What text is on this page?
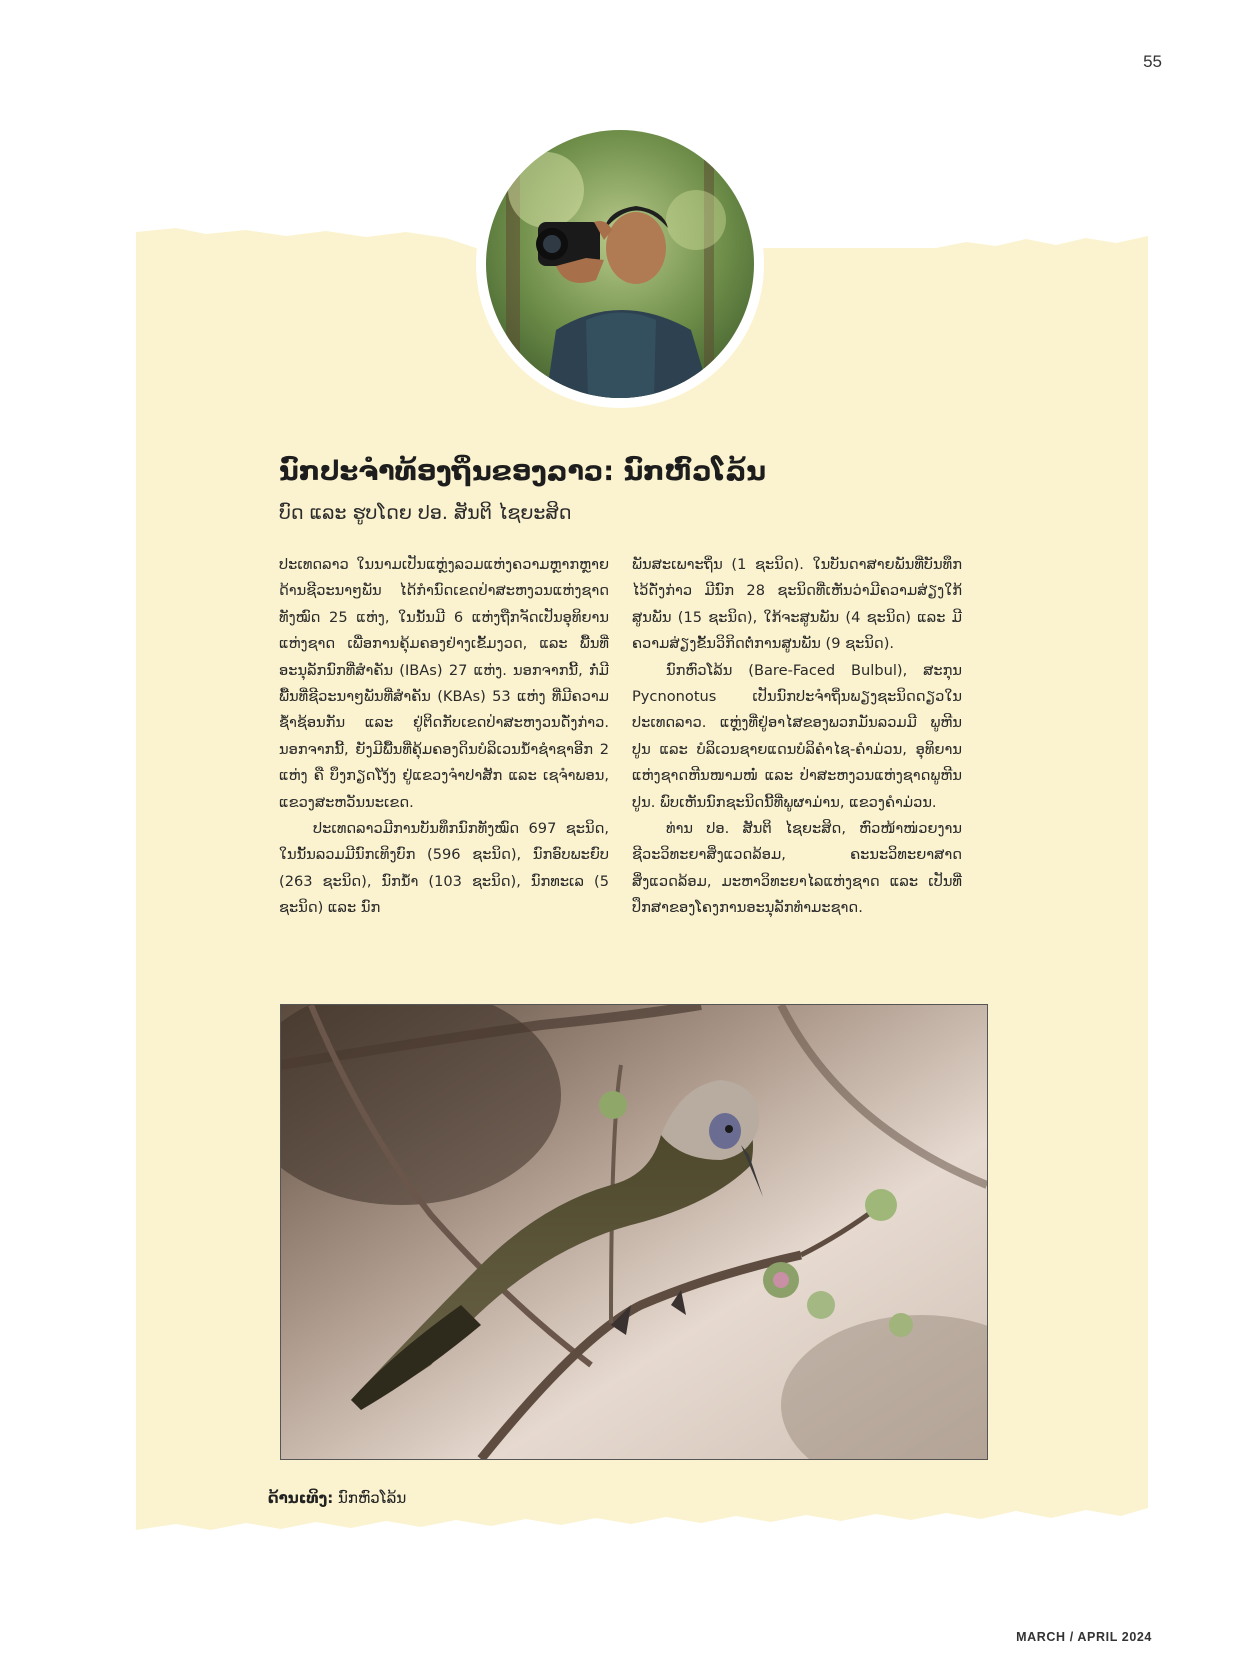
55
ນົກປະຈຳທ້ອງຖິ່ນຂອງລາວ: ນົກຫົວໂລ້ນ

ບົດ ແລະ ຮູບໂດຍ ປອ. ສັນຕິ ໄຊຍະສິດ

ປະເທດລາວ ໃນນາມເປັນແຫຼ່ງລວມແຫ່ງຄວາມຫຼາກຫຼາຍດ້ານຊີວະນາໆພັນ ໄດ້ກຳນົດເຂດປ່າສະຫງວນແຫ່ງຊາດທັງໝົດ 25 ແຫ່ງ, ໃນນັ້ນມີ 6 ແຫ່ງຖືກຈັດເປັນອຸທິຍານແຫ່ງຊາດ ເພື່ອການຄຸ້ມຄອງຢ່າງເຂັ້ມງວດ, ແລະ ພື້ນທີ່ອະນຸລັກນົກທີ່ສຳຄັນ (IBAs) 27 ແຫ່ງ. ນອກຈາກນີ້, ກໍ່ມີພື້ນທີ່ຊີວະນາໆພັນທີ່ສຳຄັນ (KBAs) 53 ແຫ່ງ ທີ່ມີຄວາມຊໍ້າຊ້ອນກັນ ແລະ ຢູ່ຕິດກັບເຂດປ່າສະຫງວນດັ່ງກ່າວ. ນອກຈາກນີ້, ຍັງມີພື້ນທີ່ຄຸ້ມຄອງດິນບໍລິເວນນໍ້າຊຳຊາອີກ 2 ແຫ່ງ ຄື ບຶງກຽດໂງ້ງ ຢູ່ແຂວງຈຳປາສັກ ແລະ ເຊຈຳພອນ, ແຂວງສະຫວັນນະເຂດ.

ປະເທດລາວມີການບັນທຶກນົກທັງໝົດ 697 ຊະນິດ, ໃນນັ້ນລວມມີນົກເທິງບົກ (596 ຊະນິດ), ນົກອົບພະຍົບ (263 ຊະນິດ), ນົກນໍ້າ (103 ຊະນິດ), ນົກທະເລ (5 ຊະນິດ) ແລະ ນົກ

ພັນສະເພາະຖິ່ນ (1 ຊະນິດ). ໃນບັນດາສາຍພັນທີ່ບັນທຶກໄວ້ດັ່ງກ່າວ ມີນົກ 28 ຊະນິດທີ່ເຫັນວ່າມີຄວາມສ່ຽງໃກ້ສູນພັນ (15 ຊະນິດ), ໃກ້ຈະສູນພັນ (4 ຊະນິດ) ແລະ ມີຄວາມສ່ຽງຂັ້ນວິກິດຕໍ່ການສູນພັນ (9 ຊະນິດ).

ນົກຫົວໂລ້ນ (Bare-Faced Bulbul), ສະກຸນ Pycnonotus ເປັນນົກປະຈຳຖິ່ນພຽງຊະນິດດຽວໃນປະເທດລາວ. ແຫຼ່ງທີ່ຢູ່ອາໄສຂອງພວກມັນລວມມີ ພູຫີນປູນ ແລະ ບໍລິເວນຊາຍແດນບໍລິຄຳໄຊ-ຄຳມ່ວນ, ອຸທິຍານແຫ່ງຊາດຫີນໜາມໜໍ່ ແລະ ປ່າສະຫງວນແຫ່ງຊາດພູຫີນປູນ. ພົບເຫັນນົກຊະນິດນີ້ທີ່ພູຜາມ່ານ, ແຂວງຄຳມ່ວນ.

ທ່ານ ປອ. ສັນຕິ ໄຊຍະສິດ, ຫົວໜ້າໜ່ວຍງານຊີວະວິທະຍາສິ່ງແວດລ້ອມ, ຄະນະວິທະຍາສາດສິ່ງແວດລ້ອມ, ມະຫາວິທະຍາໄລແຫ່ງຊາດ ແລະ ເປັນທີ່ປຶກສາຂອງໂຄງການອະນຸລັກທຳມະຊາດ.

ດ້ານເທິງ: ນົກຫົວໂລ້ນ
MARCH / APRIL 2024
